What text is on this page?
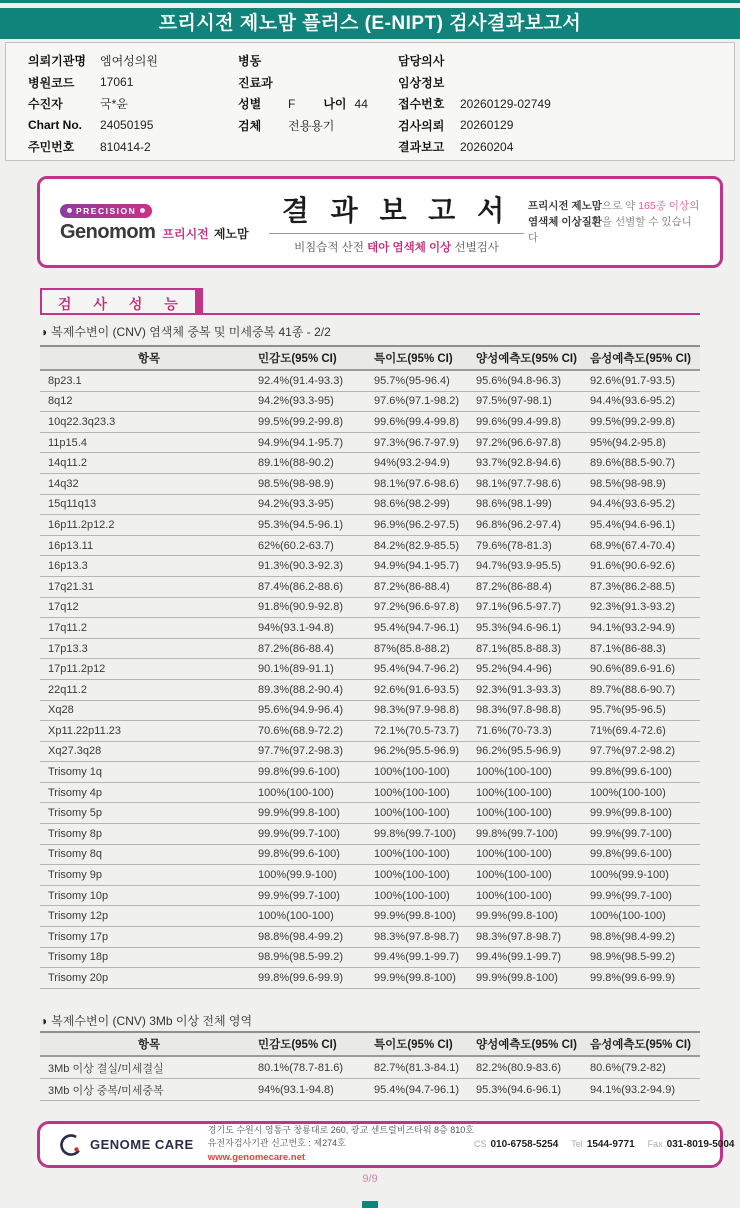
프리시전 제노맘 플러스 (E-NIPT) 검사결과보고서
의뢰기관명	엠여성의원
병원코드	17061
수진자	국*윤
Chart No.	24050195
주민번호	810414-2
병동
진료과
성별	F 나이 44
검체	전용용기
담당의사
임상정보
접수번호	20260129-02749
검사의뢰	20260129
결과보고	20260204
PRECISION
Genomom 프리시전 제노맘
결 과 보 고 서
비침습적 산전 태아 염색체 이상 선별검사
프리시전 제노맘으로 약 165종 이상의
염색체 이상질환을 선별할 수 있습니다
검 사 성 능
◑ 복제수변이 (CNV) 염색체 중복 및 미세중복 41종 - 2/2
항목	민감도(95% CI)	특이도(95% CI)	양성예측도(95% CI)	음성예측도(95% CI)
8p23.1	92.4%(91.4-93.3)	95.7%(95-96.4)	95.6%(94.8-96.3)	92.6%(91.7-93.5)
8q12	94.2%(93.3-95)	97.6%(97.1-98.2)	97.5%(97-98.1)	94.4%(93.6-95.2)
10q22.3q23.3	99.5%(99.2-99.8)	99.6%(99.4-99.8)	99.6%(99.4-99.8)	99.5%(99.2-99.8)
11p15.4	94.9%(94.1-95.7)	97.3%(96.7-97.9)	97.2%(96.6-97.8)	95%(94.2-95.8)
14q11.2	89.1%(88-90.2)	94%(93.2-94.9)	93.7%(92.8-94.6)	89.6%(88.5-90.7)
14q32	98.5%(98-98.9)	98.1%(97.6-98.6)	98.1%(97.7-98.6)	98.5%(98-98.9)
15q11q13	94.2%(93.3-95)	98.6%(98.2-99)	98.6%(98.1-99)	94.4%(93.6-95.2)
16p11.2p12.2	95.3%(94.5-96.1)	96.9%(96.2-97.5)	96.8%(96.2-97.4)	95.4%(94.6-96.1)
16p13.11	62%(60.2-63.7)	84.2%(82.9-85.5)	79.6%(78-81.3)	68.9%(67.4-70.4)
16p13.3	91.3%(90.3-92.3)	94.9%(94.1-95.7)	94.7%(93.9-95.5)	91.6%(90.6-92.6)
17q21.31	87.4%(86.2-88.6)	87.2%(86-88.4)	87.2%(86-88.4)	87.3%(86.2-88.5)
17q12	91.8%(90.9-92.8)	97.2%(96.6-97.8)	97.1%(96.5-97.7)	92.3%(91.3-93.2)
17q11.2	94%(93.1-94.8)	95.4%(94.7-96.1)	95.3%(94.6-96.1)	94.1%(93.2-94.9)
17p13.3	87.2%(86-88.4)	87%(85.8-88.2)	87.1%(85.8-88.3)	87.1%(86-88.3)
17p11.2p12	90.1%(89-91.1)	95.4%(94.7-96.2)	95.2%(94.4-96)	90.6%(89.6-91.6)
22q11.2	89.3%(88.2-90.4)	92.6%(91.6-93.5)	92.3%(91.3-93.3)	89.7%(88.6-90.7)
Xq28	95.6%(94.9-96.4)	98.3%(97.9-98.8)	98.3%(97.8-98.8)	95.7%(95-96.5)
Xp11.22p11.23	70.6%(68.9-72.2)	72.1%(70.5-73.7)	71.6%(70-73.3)	71%(69.4-72.6)
Xq27.3q28	97.7%(97.2-98.3)	96.2%(95.5-96.9)	96.2%(95.5-96.9)	97.7%(97.2-98.2)
Trisomy 1q	99.8%(99.6-100)	100%(100-100)	100%(100-100)	99.8%(99.6-100)
Trisomy 4p	100%(100-100)	100%(100-100)	100%(100-100)	100%(100-100)
Trisomy 5p	99.9%(99.8-100)	100%(100-100)	100%(100-100)	99.9%(99.8-100)
Trisomy 8p	99.9%(99.7-100)	99.8%(99.7-100)	99.8%(99.7-100)	99.9%(99.7-100)
Trisomy 8q	99.8%(99.6-100)	100%(100-100)	100%(100-100)	99.8%(99.6-100)
Trisomy 9p	100%(99.9-100)	100%(100-100)	100%(100-100)	100%(99.9-100)
Trisomy 10p	99.9%(99.7-100)	100%(100-100)	100%(100-100)	99.9%(99.7-100)
Trisomy 12p	100%(100-100)	99.9%(99.8-100)	99.9%(99.8-100)	100%(100-100)
Trisomy 17p	98.8%(98.4-99.2)	98.3%(97.8-98.7)	98.3%(97.8-98.7)	98.8%(98.4-99.2)
Trisomy 18p	98.9%(98.5-99.2)	99.4%(99.1-99.7)	99.4%(99.1-99.7)	98.9%(98.5-99.2)
Trisomy 20p	99.8%(99.6-99.9)	99.9%(99.8-100)	99.9%(99.8-100)	99.8%(99.6-99.9)
◑ 복제수변이 (CNV) 3Mb 이상 전체 영역
항목	민감도(95% CI)	특이도(95% CI)	양성예측도(95% CI)	음성예측도(95% CI)
3Mb 이상 결실/미세결실	80.1%(78.7-81.6)	82.7%(81.3-84.1)	82.2%(80.9-83.6)	80.6%(79.2-82)
3Mb 이상 중복/미세중복	94%(93.1-94.8)	95.4%(94.7-96.1)	95.3%(94.6-96.1)	94.1%(93.2-94.9)
GENOME CARE
경기도 수원시 영통구 창룡대로 260, 광교 센트럴비즈타워 8층 810호
유전자검사기관 신고번호 : 제274호
www.genomecare.net
CS 010-6758-5254 Tel 1544-9771 Fax 031-8019-5004
9/9
